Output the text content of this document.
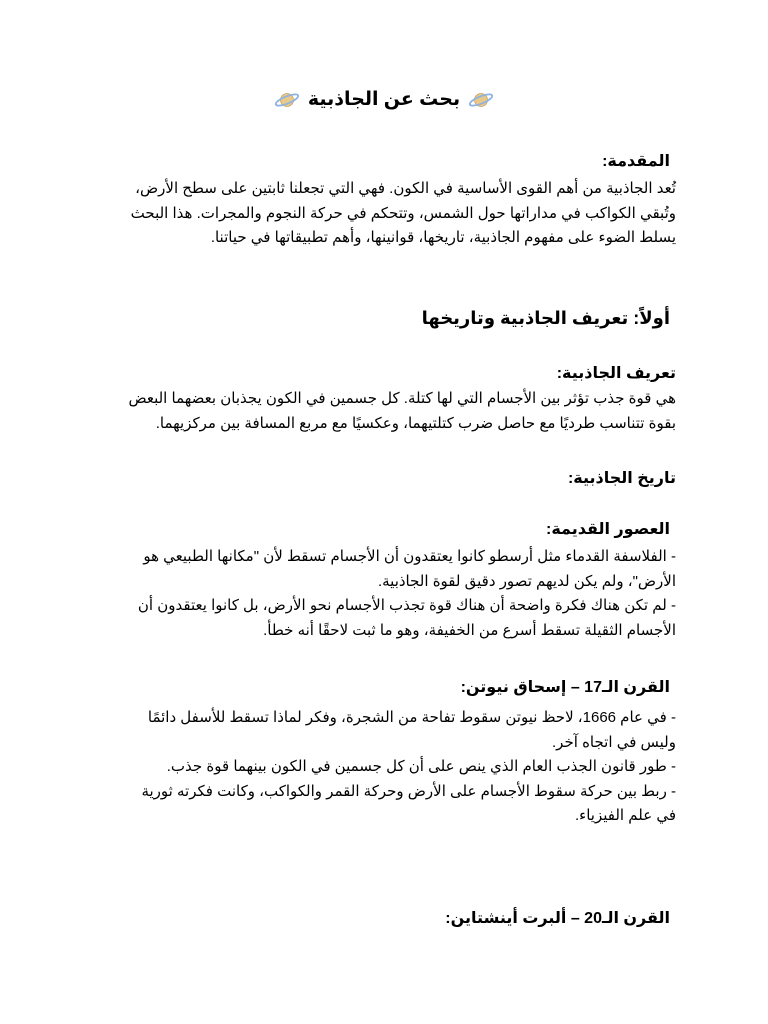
بحث عن الجاذبية
المقدمة:
تُعد الجاذبية من أهم القوى الأساسية في الكون. فهي التي تجعلنا ثابتين على سطح الأرض،
وتُبقي الكواكب في مداراتها حول الشمس، وتتحكم في حركة النجوم والمجرات. هذا البحث
يسلط الضوء على مفهوم الجاذبية، تاريخها، قوانينها، وأهم تطبيقاتها في حياتنا.
أولاً: تعريف الجاذبية وتاريخها
تعريف الجاذبية:
هي قوة جذب تؤثر بين الأجسام التي لها كتلة. كل جسمين في الكون يجذبان بعضهما البعض
بقوة تتناسب طرديًا مع حاصل ضرب كتلتيهما، وعكسيًا مع مربع المسافة بين مركزيهما.
تاريخ الجاذبية:
العصور القديمة:
- الفلاسفة القدماء مثل أرسطو كانوا يعتقدون أن الأجسام تسقط لأن "مكانها الطبيعي هو
الأرض"، ولم يكن لديهم تصور دقيق لقوة الجاذبية.
- لم تكن هناك فكرة واضحة أن هناك قوة تجذب الأجسام نحو الأرض، بل كانوا يعتقدون أن
الأجسام الثقيلة تسقط أسرع من الخفيفة، وهو ما ثبت لاحقًا أنه خطأ.
القرن الـ17 – إسحاق نيوتن:
- في عام 1666، لاحظ نيوتن سقوط تفاحة من الشجرة، وفكر لماذا تسقط للأسفل دائمًا
وليس في اتجاه آخر.
- طور قانون الجذب العام الذي ينص على أن كل جسمين في الكون بينهما قوة جذب.
- ربط بين حركة سقوط الأجسام على الأرض وحركة القمر والكواكب، وكانت فكرته ثورية
في علم الفيزياء.
القرن الـ20 – ألبرت أينشتاين:
